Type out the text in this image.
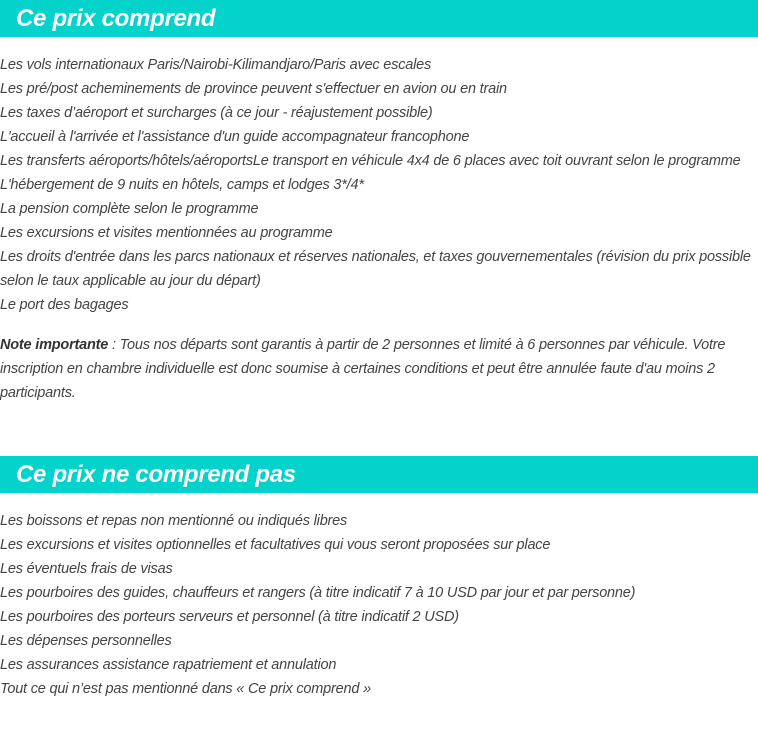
Ce prix comprend
Les vols internationaux Paris/Nairobi-Kilimandjaro/Paris avec escales
Les pré/post acheminements de province peuvent s'effectuer en avion ou en train
Les taxes d’aéroport et surcharges (à ce jour - réajustement possible)
L'accueil à l'arrivée et l'assistance d'un guide accompagnateur francophone
Les transferts aéroports/hôtels/aéroportsLe transport en véhicule 4x4 de 6 places avec toit ouvrant selon le programme
L'hébergement de 9 nuits en hôtels, camps et lodges 3*/4*
La pension complète selon le programme
Les excursions et visites mentionnées au programme
Les droits d'entrée dans les parcs nationaux et réserves nationales, et taxes gouvernementales (révision du prix possible selon le taux applicable au jour du départ)
Le port des bagages

Note importante : Tous nos départs sont garantis à partir de 2 personnes et limité à 6 personnes par véhicule. Votre inscription en chambre individuelle est donc soumise à certaines conditions et peut être annulée faute d'au moins 2 participants.

Ce prix ne comprend pas
Les boissons et repas non mentionné ou indiqués libres
Les excursions et visites optionnelles et facultatives qui vous seront proposées sur place
Les éventuels frais de visas
Les pourboires des guides, chauffeurs et rangers (à titre indicatif 7 à 10 USD par jour et par personne)
Les pourboires des porteurs serveurs et personnel (à titre indicatif 2 USD)
Les dépenses personnelles
Les assurances assistance rapatriement et annulation
Tout ce qui n’est pas mentionné dans « Ce prix comprend »
